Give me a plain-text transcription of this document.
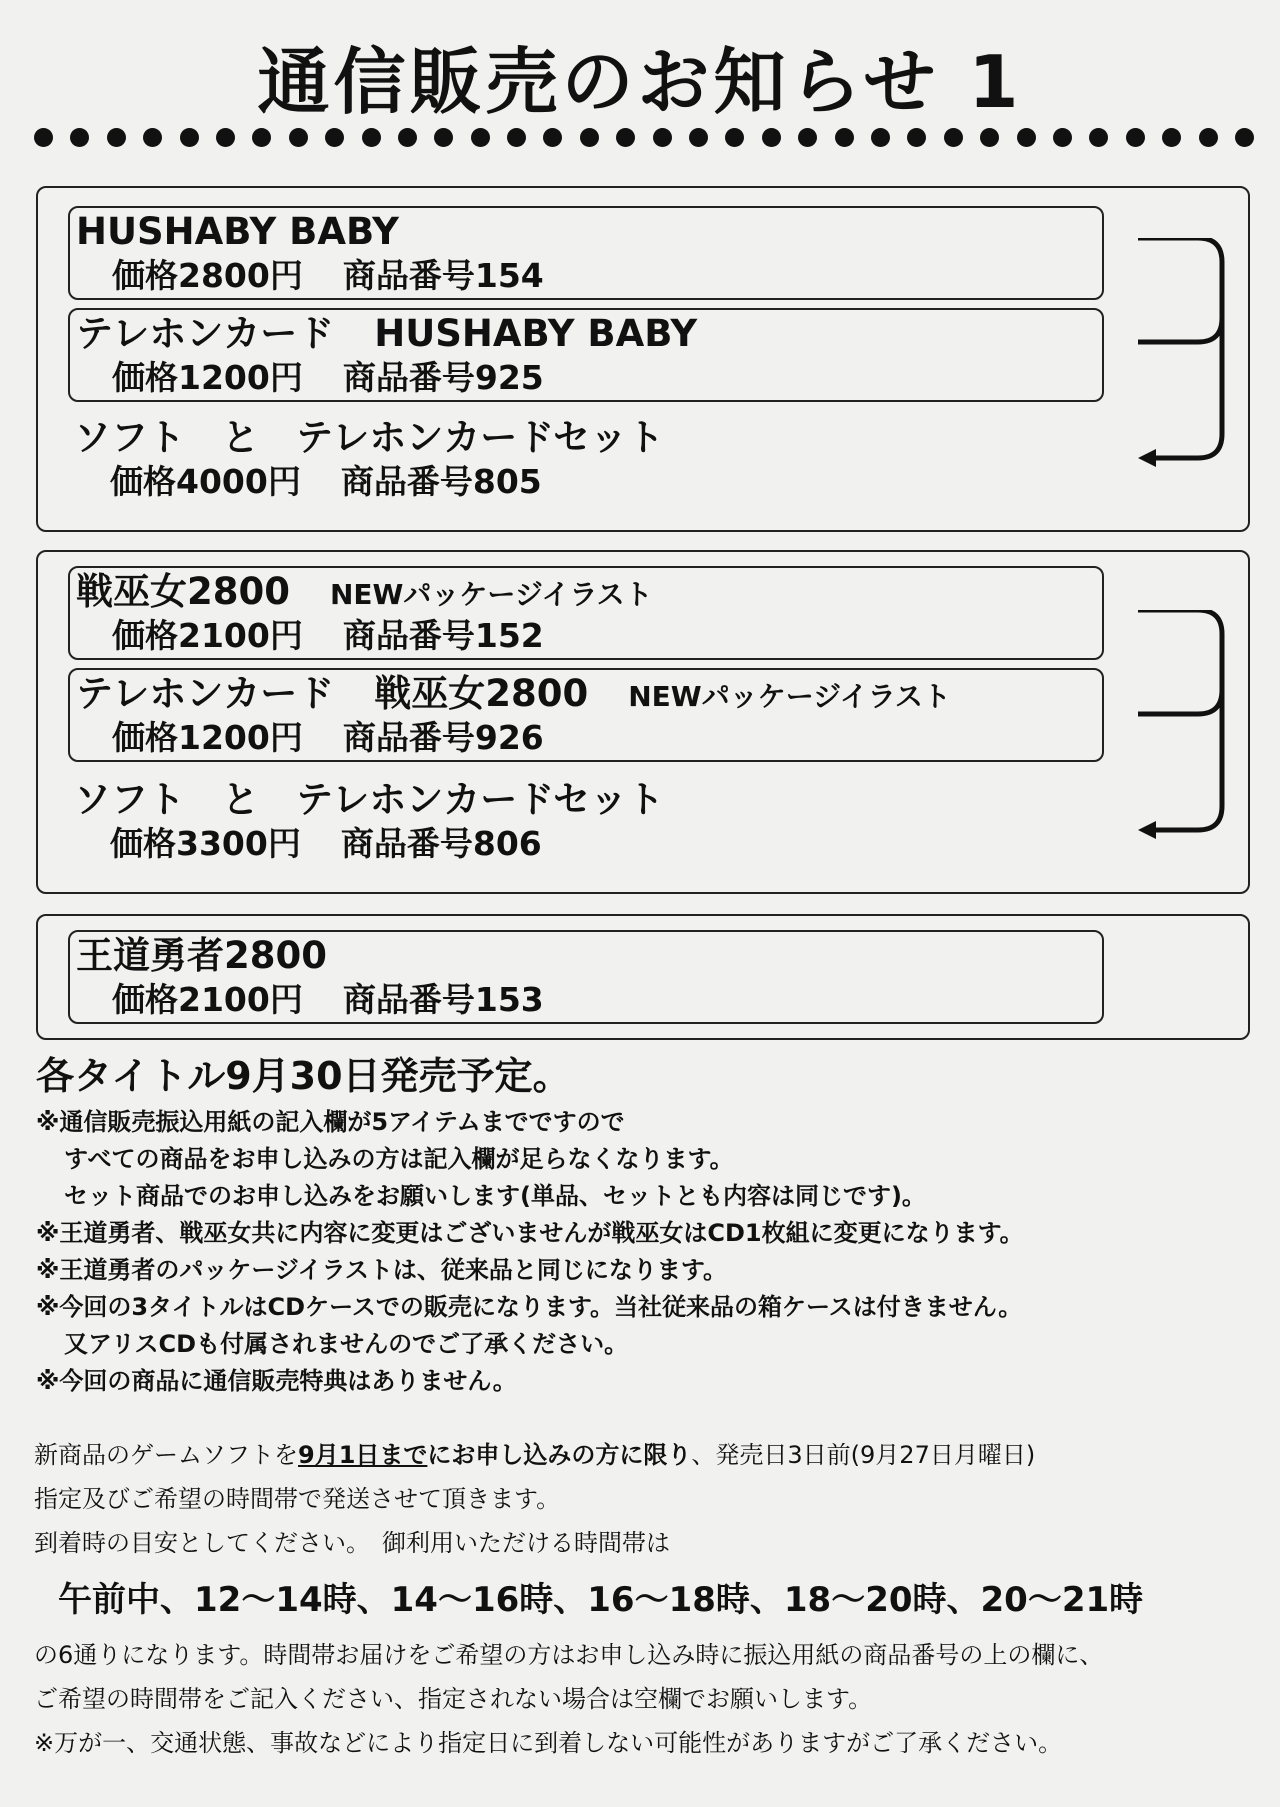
通信販売のお知らせ 1
HUSHABY BABY
価格2800円 商品番号154
テレホンカード HUSHABY BABY
価格1200円 商品番号925
ソフト　と　テレホンカードセット
価格4000円 商品番号805
戦巫女2800 NEWパッケージイラスト
価格2100円 商品番号152
テレホンカード 戦巫女2800 NEWパッケージイラスト
価格1200円 商品番号926
ソフト　と　テレホンカードセット
価格3300円 商品番号806
王道勇者2800
価格2100円 商品番号153
各タイトル9月30日発売予定。
※通信販売振込用紙の記入欄が5アイテムまでですので
すべての商品をお申し込みの方は記入欄が足らなくなります。
セット商品でのお申し込みをお願いします(単品、セットとも内容は同じです)。
※王道勇者、戦巫女共に内容に変更はございませんが戦巫女はCD1枚組に変更になります。
※王道勇者のパッケージイラストは、従来品と同じになります。
※今回の3タイトルはCDケースでの販売になります。当社従来品の箱ケースは付きません。
又アリスCDも付属されませんのでご了承ください。
※今回の商品に通信販売特典はありません。
新商品のゲームソフトを9月1日までにお申し込みの方に限り、発売日3日前(9月27日月曜日)
指定及びご希望の時間帯で発送させて頂きます。
到着時の目安としてください。　御利用いただける時間帯は
午前中、12〜14時、14〜16時、16〜18時、18〜20時、20〜21時
の6通りになります。時間帯お届けをご希望の方はお申し込み時に振込用紙の商品番号の上の欄に、
ご希望の時間帯をご記入ください、指定されない場合は空欄でお願いします。
※万が一、交通状態、事故などにより指定日に到着しない可能性がありますがご了承ください。
